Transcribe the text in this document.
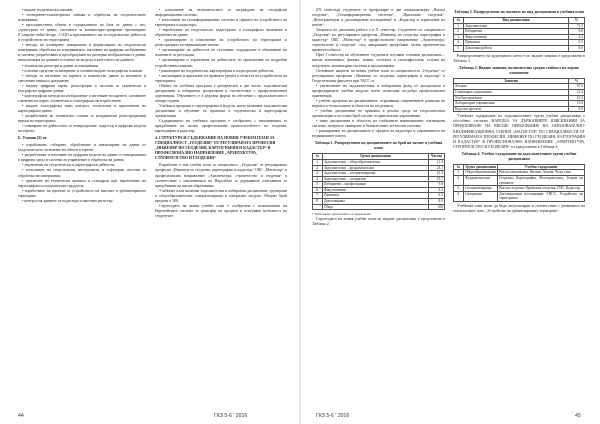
• видове геодезически снимки;

• електронно-тахиметрична снимка и обработка на геодезическите измервания;

• пространствена обекти в съдържанието на база от данни с тях, структурата от данни, системата за компютърно-графично проектиране (Computer-aided design - CAD) и приложението им за геодезически дейности в устройството на територията;

• методи на планиране, извършване и формулиране на геодезически измервания; обработка на измерванията, изготвяне на цифрови изображения и сигнали, разработване и преобразуване на растерни изображения от данни, визуализация на данните и оценка на модели и качеството на данните;

• технически регистри и данни за измервания;

• основни средства за измерване и основни видове топографски планове;

• методи за изготвяне на картите и количество данни за имотните и смесените книжа и документи;

• видове цифрови карти, регистрация и системи за технически и географски цифрови данни;

• картографски методи на изображение и изготвяне на картите, основните елементи на карти, технически и топографски на изработване;

• видове топографски ниво контрол, технология и приложение на картографски данни;

• разработване на технически основи за координатни регистрационни мрежи на територията;

• планиране на дейностите за земеразделяне, кадастър и цифрови модели на терена;

Б. Умения [2] за:

• изработване, събиране, обработване и анализиране на данни от геодезическото заснемане на обекти в терена;

• разработване и изготвяне на цифрови модели на данни от измерванията в цифрова среда и системи за управление и обработка на данни;

• управление на геодезически и картографски дейности;

• използване на геодезически инструменти и софтуерни системи за обработка на измервания;

• прилагане на технически правила и стандарти при изработване на картографски и геодезически продукти;

• изработване на проекти за устройството на имотите в урбанизираните територии;

• контрол на данните от кадастъра и имотния регистър.

• използване на възможностите за изграждане на географски информационни системи;

• използване на геоинформационни системи в сферата на устройството на територията и кадастъра;

• изработване на геодезическо, кадастрално и топографско заснемане и обработка на данни;

• организиране и изпълнение на устройството на територията и регистрацията на недвижимите имоти;

• организиране на дейността по съставяне, поддържане и обновяване на плановете за регулация;

• организиране и управление на дейностите по приложение на подробни устройствени планове;

• ръководене на геодезически, картографски и кадастрални дейности;

• анализиране и прилагане на правната уредба в областта на устройството на територията.

Обемът на учебната програма е разпределен в две части: задължителни дисциплини и избираеми дисциплини в съответствие с професионалната ориентация. Обучението е в редовна форма на обучение с продължителност четири години.

Учебната програма е структурирана в модули, които включват задължителни дисциплини и обучение по практика в геодезически и картографски организации.

Съдържанието на учебната програма е съобразено с изискванията за придобиване на пълна професионална правоспособност по геодезия, картография и кадастър.

4. СТРУКТУРА И СЪДЪРЖАНИЕ НА НОВИЯ УЧЕБЕН ПЛАН ЗА СПЕЦИАЛНОСТ „ГЕОДЕЗИЯ“ ОТ РЕГУЛИРАНАТА ПРОФЕСИЯ „ИНЖЕНЕР ПО ГЕОДЕЗИЯ, КАРТОГРАФИЯ И КАДАСТЪР“ В ПРОФЕСИОНАЛНО НАПРАВЛЕНИЕ „АРХИТЕКТУРА, СТРОИТЕЛСТВО И ГЕОДЕЗИЯ“

Разработен е нов учебен план за специалност „Геодезия“ от регулираната професия „Инженер по геодезия, картография и кадастър“ ОКС „Магистър“ в професионално направление „Архитектура, строителство и геодезия“ в съответствие с изискванията на Наредбата за държавните изисквания за придобиване на висше образование.

Учебният план включва задължителни и избираеми дисциплини, групирани в общообразователни, специализиращи и специални модули. Общият брой кредити е 300.

Структурата на новия учебен план е съобразена с изискванията на Европейската система за трансфер на кредити и осигурява мобилност на студентите.

44	ГКЗ 5-6 ' 2016

(IX семестър) студентите се профилират в две специализации: „Висша геодезия“, „Геоинформационни системи“, „Приложна геодезия“, „Фотограметрия и дистанционни изследвания“ и „Кадастър и управление на имоти“.

Защитата на дипломна работа е в Х семестър. Студентите по специалност „Геодезия“ по регулираната професия „Инженер по геодезия, картография и кадастър“ ОКС „Магистър“ в професионално направление „Архитектура, строителство и геодезия“ след завършване придобиват пълна проектантска правоспособност.

През I семестър на обучението студентите изучават основни дисциплини – висша математика, физика, химия, геология и геоморфология, основи на геодезията, компютърни системи и програмиране.

Основните акценти на новия учебен план за специалността „Геодезия“ от регулираната професия „Инженер по геодезия, картография и кадастър“ в Геодезическия факултет при УАСГ са:

• увеличаване на задължителния и избираемия фонд от дисциплини в профилиращите учебни модули, което позволява по-добра професионална ориентация;

• учебни програми на дисциплините, отразяващи съвременните развития на науката и технологиите в областта на геодезията;

• учебни дисциплини по практика в реална среда на геодезическата организация и по-голям брой часове за практически упражнения;

• нови дисциплини в областта на глобалните навигационни спътникови системи, лазерното сканиране и безпилотните летателни системи;

• разширяване на дисциплините в сферата на кадастъра и управлението на недвижимите имоти.

Таблица 1. Разпределение на дисциплините по брой на часове в учебния план

№	Група дисциплини	Часове
1.	Задължителни – общообразователни	11.4
2.	Задължителни – фундаментални	23.1
3.	Задължителни – специализиращи	21.3
4.	Задължителни – специални	15.7
5.	Избираеми – профилиращи	9.8
6.	Факултативни	4.2
7.	Практики	6.5
8.	Дипломиране	8.0
	Общо	100

* Забележка: процентите са закръглени

Структурата на новия учебен план по видове дисциплини е представена в Таблица 2.

Таблица 2. Разпределение на часовете по вид дисциплини в учебния план

№	Вид дисциплини	%
1.	Задължителни	71.5
2.	Избираеми	9.8
3.	Факултативни	4.2
4.	Практики	6.5
5.	Дипломна работа	8.0

Разпределението на аудиторната заетост по видове занятия е представено в Таблица 3.

Таблица 3. Видове занятия, включително средна стойност на хорово отношение

Занятия	%
Лекции	47.6
Семинарни упражнения	12.4
Учебни практики	19.3
Лабораторни упражнения	13.8
Курсови проекти	6.9

Учебният съдържание на задължителните групи учебни дисциплини е обособено съгласно НАРЕДБА ЗА ДЪРЖАВНИТЕ ИЗИСКВАНИЯ ЗА ПРИДОБИВАНЕ НА ВИСШЕ ОБРАЗОВАНИЕ НА ОБРАЗОВАТЕЛНО-КВАЛИФИКАЦИОННА СТЕПЕН „МАГИСТЪР“ ПО СПЕЦИАЛНОСТИ ОТ РЕГУЛИРАНАТА ПРОФЕСИЯ „ИНЖЕНЕР ПО ГЕОДЕЗИЯ, КАРТОГРАФИЯ И КАДАСТЪР“ В ПРОФЕСИОНАЛНО НАПРАВЛЕНИЕ „АРХИТЕКТУРА, СТРОИТЕЛСТВО И ГЕОДЕЗИЯ“ и е представено в Таблица 4.

Таблица 4. Учебно съдържание на задължителните групи учебни дисциплини

№	Група дисциплини	Учебно съдържание
1.	Общообразователни	Висша математика, Физика, Химия, Чужд език
2.	Фундаментални	Геодезия, Картография, Фотограметрия, Теория на грешките
3.	Специализиращи	Висша геодезия, Приложна геодезия, ГИС, Кадастър
4.	Специални	Дистанционни изследвания, ГНСС, Устройство на територията

Учебният план може да бъде актуализиран в съответствие с развитието на технологиите, като „Устройство на урбанизираните територии“.

ГКЗ 5-6 ' 2016	45
